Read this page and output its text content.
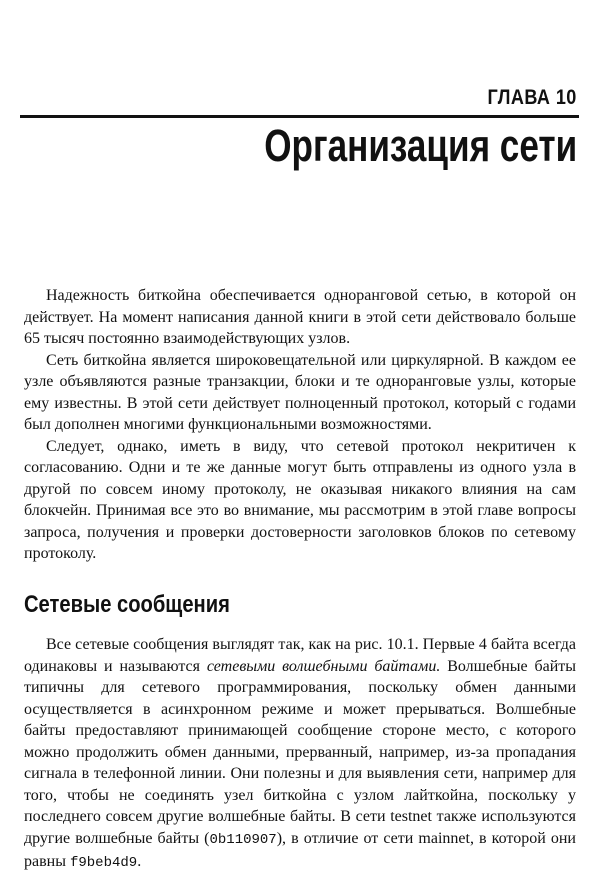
ГЛАВА 10
Организация сети

Надежность биткойна обеспечивается одноранговой сетью, в которой он действует. На момент написания данной книги в этой сети действовало больше 65 тысяч постоянно взаимодействующих узлов.

Сеть биткойна является широковещательной или циркулярной. В каждом ее узле объявляются разные транзакции, блоки и те одноранговые узлы, которые ему известны. В этой сети действует полноценный протокол, который с годами был дополнен многими функциональными возможностями.

Следует, однако, иметь в виду, что сетевой протокол некритичен к согласованию. Одни и те же данные могут быть отправлены из одного узла в другой по совсем иному протоколу, не оказывая никакого влияния на сам блокчейн. Принимая все это во внимание, мы рассмотрим в этой главе вопросы запроса, получения и проверки достоверности заголовков блоков по сетевому протоколу.

Сетевые сообщения

Все сетевые сообщения выглядят так, как на рис. 10.1. Первые 4 байта всегда одинаковы и называются сетевыми волшебными байтами. Волшебные байты типичны для сетевого программирования, поскольку обмен данными осуществляется в асинхронном режиме и может прерываться. Волшебные байты предоставляют принимающей сообщение стороне место, с которого можно продолжить обмен данными, прерванный, например, из-за пропадания сигнала в телефонной линии. Они полезны и для выявления сети, например для того, чтобы не соединять узел биткойна с узлом лайткойна, поскольку у последнего совсем другие волшебные байты. В сети testnet также используются другие волшебные байты (0b110907), в отличие от сети mainnet, в которой они равны f9beb4d9.
